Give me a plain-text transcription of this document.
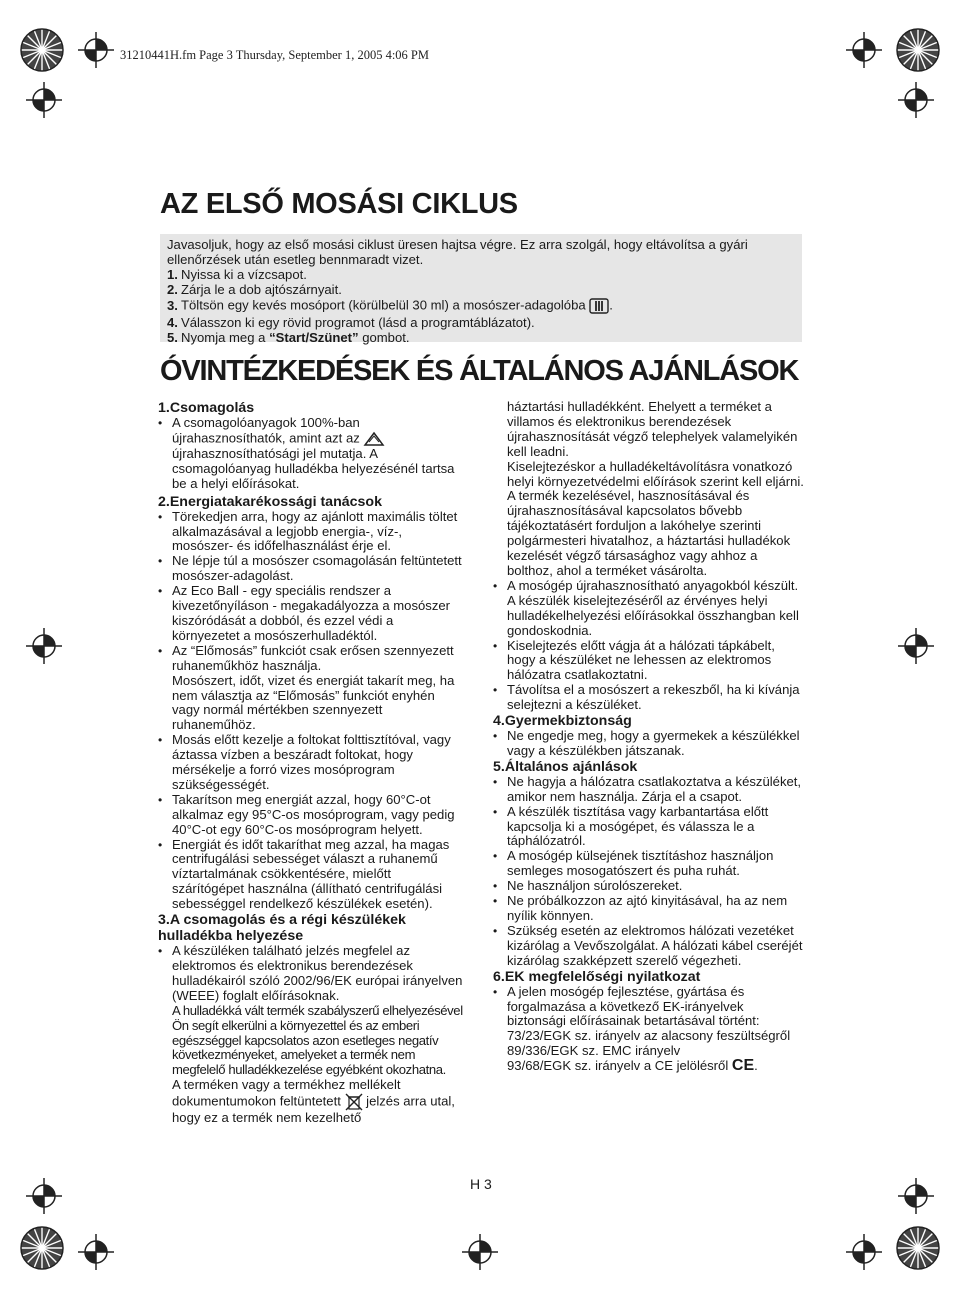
31210441H.fm Page 3 Thursday, September 1, 2005 4:06 PM
AZ ELSŐ MOSÁSI CIKLUS

Javasoljuk, hogy az első mosási ciklust üresen hajtsa végre. Ez arra szolgál, hogy eltávolítsa a gyári ellenőrzések után esetleg bennmaradt vizet.

1. Nyissa ki a vízcsapot.

2. Zárja le a dob ajtószárnyait.

3. Töltsön egy kevés mosóport (körülbelül 30 ml) a mosószer-adagolóba .

4. Válasszon ki egy rövid programot (lásd a programtáblázatot).

5. Nyomja meg a “Start/Szünet” gombot.

ÓVINTÉZKEDÉSEK ÉS ÁLTALÁNOS AJÁNLÁSOK
1.Csomagolás

• A csomagolóanyagok 100%-ban újrahasznosíthatók, amint azt az  újrahasznosíthatósági jel mutatja. A csomagolóanyag hulladékba helyezésénél tartsa be a helyi előírásokat.

2.Energiatakarékossági tanácsok

• Törekedjen arra, hogy az ajánlott maximális töltet alkalmazásával a legjobb energia-, víz-, mosószer- és időfelhasználást érje el.

• Ne lépje túl a mosószer csomagolásán feltüntetett mosószer-adagolást.

• Az Eco Ball - egy speciális rendszer a kivezetőnyíláson - megakadályozza a mosószer kiszóródását a dobból, és ezzel védi a környezetet a mosószerhulladéktól.

• Az “Előmosás” funkciót csak erősen szennyezett ruhaneműkhöz használja.

Mosószert, időt, vizet és energiát takarít meg, ha nem választja az “Előmosás” funkciót enyhén vagy normál mértékben szennyezett ruhaneműhöz.

• Mosás előtt kezelje a foltokat folttisztítóval, vagy áztassa vízben a beszáradt foltokat, hogy mérsékelje a forró vizes mosóprogram szükségességét.

• Takarítson meg energiát azzal, hogy 60°C-ot alkalmaz egy 95°C-os mosóprogram, vagy pedig 40°C-ot egy 60°C-os mosóprogram helyett.

• Energiát és időt takaríthat meg azzal, ha magas centrifugálási sebességet választ a ruhanemű víztartalmának csökkentésére, mielőtt szárítógépet használna (állítható centrifugálási sebességgel rendelkező készülékek esetén).

3.A csomagolás és a régi készülékek hulladékba helyezése

• A készüléken található jelzés megfelel az elektromos és elektronikus berendezések hulladékairól szóló 2002/96/EK európai irányelven (WEEE) foglalt előírásoknak.

A hulladékká vált termék szabályszerű elhelyezésével Ön segít elkerülni a környezettel és az emberi egészséggel kapcsolatos azon esetleges negatív következményeket, amelyeket a termék nem megfelelő hulladékkezelése egyébként okozhatna.

A terméken vagy a termékhez mellékelt dokumentumokon feltüntetett jelzés arra utal, hogy ez a termék nem kezelhető

háztartási hulladékként. Ehelyett a terméket a villamos és elektronikus berendezések újrahasznosítását végző telephelyek valamelyikén kell leadni.

Kiselejtezéskor a hulladékeltávolításra vonatkozó helyi környezetvédelmi előírások szerint kell eljárni.

A termék kezelésével, hasznosításával és újrahasznosításával kapcsolatos bővebb tájékoztatásért forduljon a lakóhelye szerinti polgármesteri hivatalhoz, a háztartási hulladékok kezelését végző társasághoz vagy ahhoz a bolthoz, ahol a terméket vásárolta.

• A mosógép újrahasznosítható anyagokból készült. A készülék kiselejtezéséről az érvényes helyi hulladékelhelyezési előírásokkal összhangban kell gondoskodnia.

• Kiselejtezés előtt vágja át a hálózati tápkábelt, hogy a készüléket ne lehessen az elektromos hálózatra csatlakoztatni.

• Távolítsa el a mosószert a rekeszből, ha ki kívánja selejtezni a készüléket.

4.Gyermekbiztonság

• Ne engedje meg, hogy a gyermekek a készülékkel vagy a készülékben játszanak.

5.Általános ajánlások

• Ne hagyja a hálózatra csatlakoztatva a készüléket, amikor nem használja. Zárja el a csapot.

• A készülék tisztítása vagy karbantartása előtt kapcsolja ki a mosógépet, és válassza le a táphálózatról.

• A mosógép külsejének tisztításhoz használjon semleges mosogatószert és puha ruhát.

• Ne használjon súrolószereket.

• Ne próbálkozzon az ajtó kinyitásával, ha az nem nyílik könnyen.

• Szükség esetén az elektromos hálózati vezetéket kizárólag a Vevőszolgálat. A hálózati kábel cseréjét kizárólag szakképzett szerelő végezheti.

6.EK megfelelőségi nyilatkozat

• A jelen mosógép fejlesztése, gyártása és forgalmazása a következő EK-irányelvek biztonsági előírásainak betartásával történt:

73/23/EGK sz. irányelv az alacsony feszültségről

89/336/EGK sz. EMC irányelv

93/68/EGK sz. irányelv a CE jelölésről CE.

H 3
